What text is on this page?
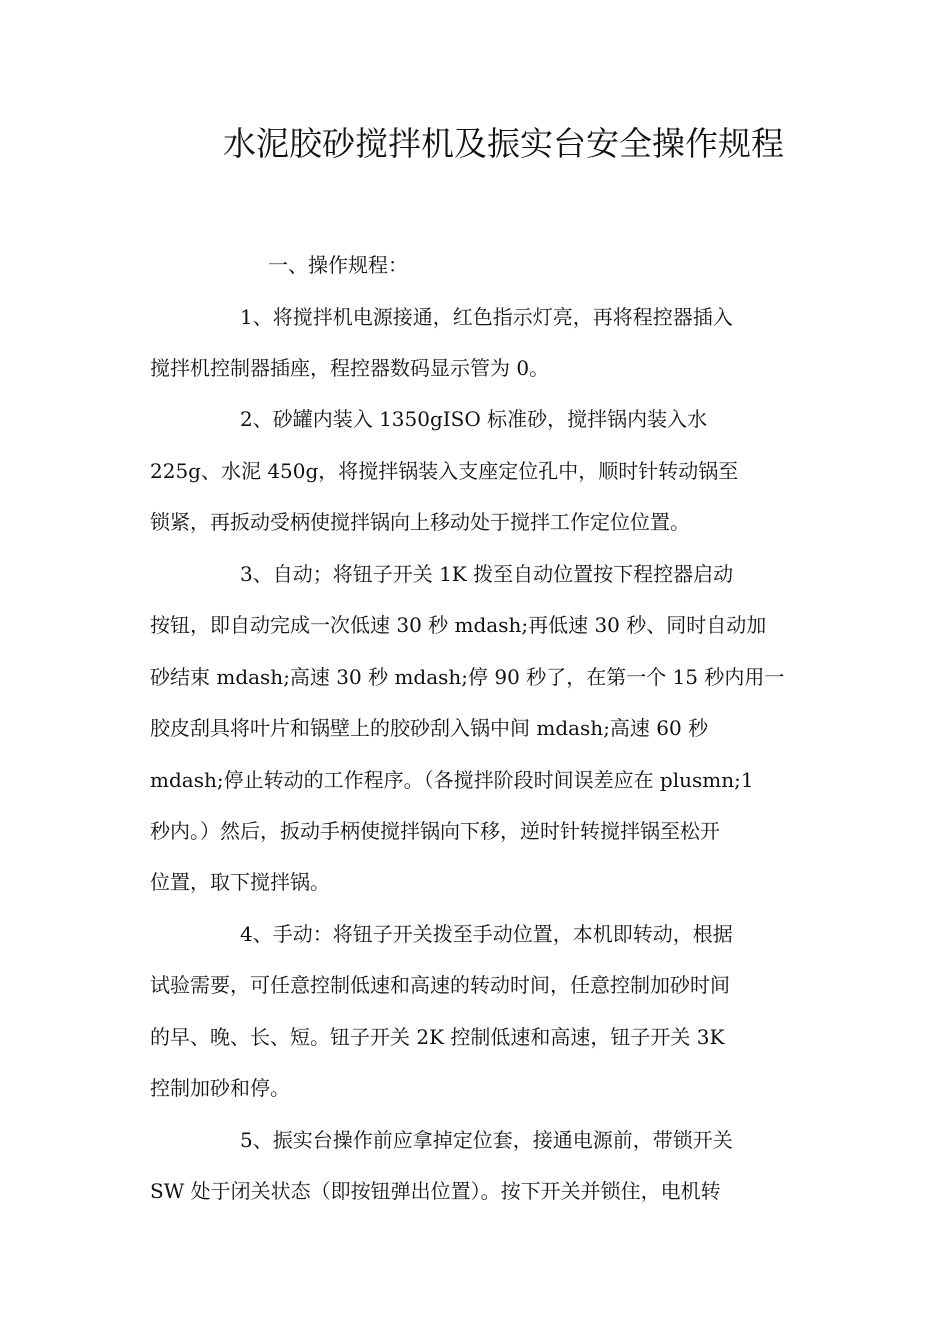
水泥胶砂搅拌机及振实台安全操作规程
一、操作规程：
1、将搅拌机电源接通，红色指示灯亮，再将程控器插入
搅拌机控制器插座，程控器数码显示管为 0。
2、砂罐内装入 1350gISO 标准砂，搅拌锅内装入水
225g、水泥 450g，将搅拌锅装入支座定位孔中，顺时针转动锅至
锁紧，再扳动受柄使搅拌锅向上移动处于搅拌工作定位位置。
3、自动；将钮子开关 1K 拨至自动位置按下程控器启动
按钮，即自动完成一次低速 30 秒 mdash;再低速 30 秒、同时自动加
砂结束 mdash;高速 30 秒 mdash;停 90 秒了，在第一个 15 秒内用一
胶皮刮具将叶片和锅壁上的胶砂刮入锅中间 mdash;高速 60 秒
mdash;停止转动的工作程序。（各搅拌阶段时间误差应在 plusmn;1
秒内。）然后，扳动手柄使搅拌锅向下移，逆时针转搅拌锅至松开
位置，取下搅拌锅。
4、手动：将钮子开关拨至手动位置，本机即转动，根据
试验需要，可任意控制低速和高速的转动时间，任意控制加砂时间
的早、晚、长、短。钮子开关 2K 控制低速和高速，钮子开关 3K
控制加砂和停。
5、振实台操作前应拿掉定位套，接通电源前，带锁开关
SW 处于闭关状态（即按钮弹出位置）。按下开关并锁住，电机转
